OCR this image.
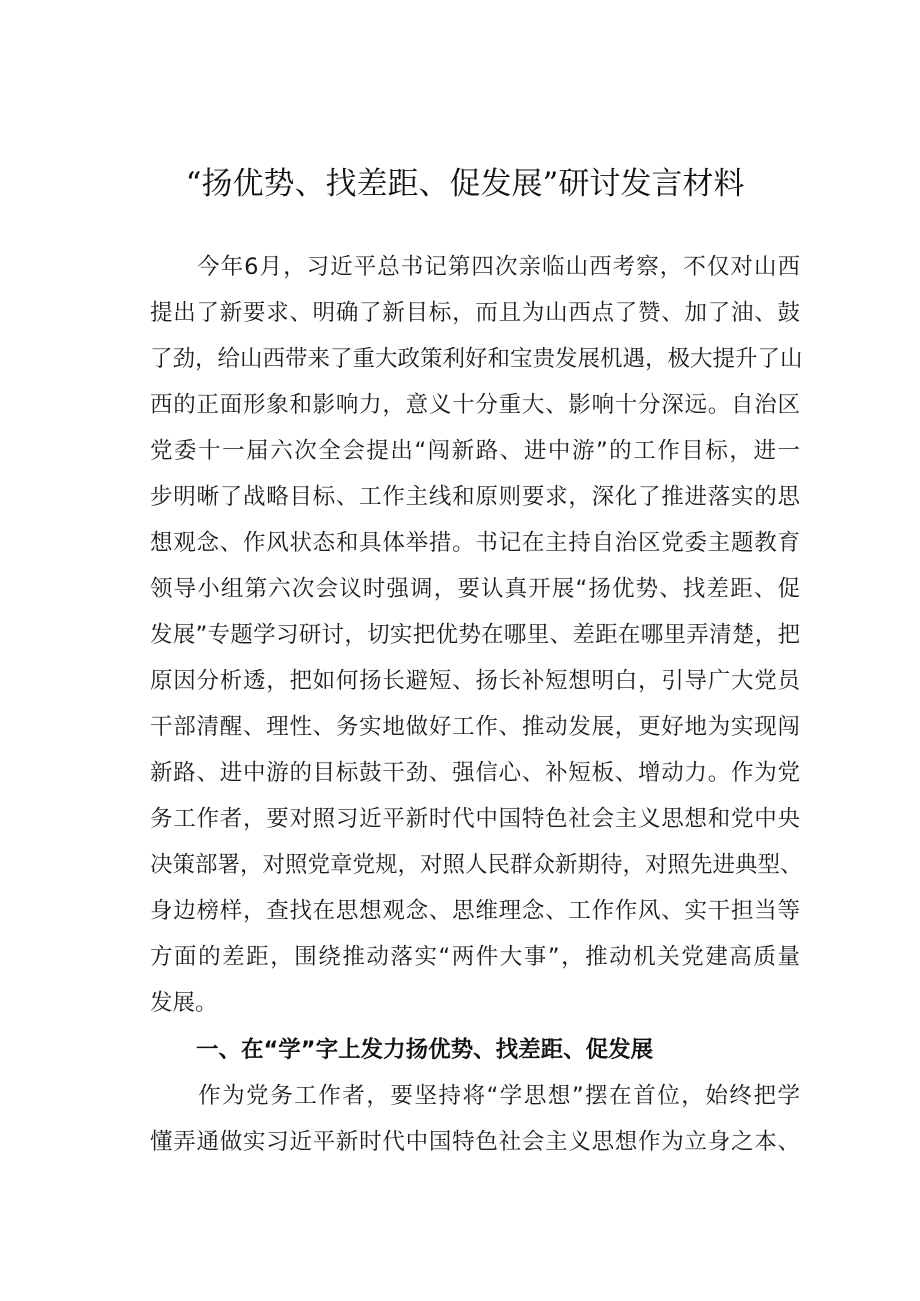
“扬优势、找差距、促发展”研讨发言材料

　　今年6月，习近平总书记第四次亲临山西考察，不仅对山西

提出了新要求、明确了新目标，而且为山西点了赞、加了油、鼓

了劲，给山西带来了重大政策利好和宝贵发展机遇，极大提升了山

西的正面形象和影响力，意义十分重大、影响十分深远。自治区

党委十一届六次全会提出“闯新路、进中游”的工作目标，进一

步明晰了战略目标、工作主线和原则要求，深化了推进落实的思

想观念、作风状态和具体举措。书记在主持自治区党委主题教育

领导小组第六次会议时强调，要认真开展“扬优势、找差距、促

发展”专题学习研讨，切实把优势在哪里、差距在哪里弄清楚，把

原因分析透，把如何扬长避短、扬长补短想明白，引导广大党员

干部清醒、理性、务实地做好工作、推动发展，更好地为实现闯

新路、进中游的目标鼓干劲、强信心、补短板、增动力。作为党

务工作者，要对照习近平新时代中国特色社会主义思想和党中央

决策部署，对照党章党规，对照人民群众新期待，对照先进典型、

身边榜样，查找在思想观念、思维理念、工作作风、实干担当等

方面的差距，围绕推动落实“两件大事”，推动机关党建高质量

发展。

一、在“学”字上发力扬优势、找差距、促发展

　　作为党务工作者，要坚持将“学思想”摆在首位，始终把学

懂弄通做实习近平新时代中国特色社会主义思想作为立身之本、
